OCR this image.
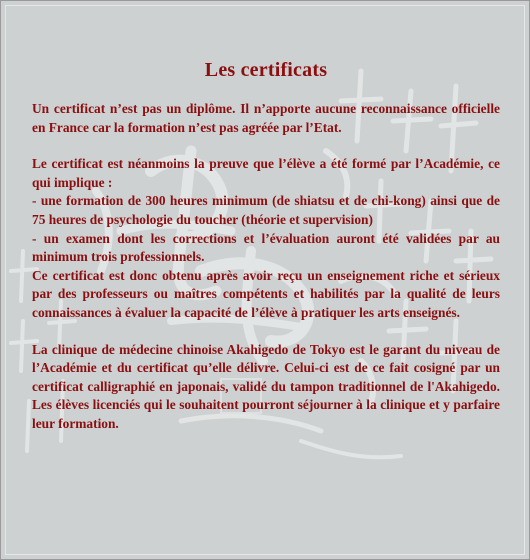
Les certificats

Un certificat n’est pas un diplôme. Il n’apporte aucune reconnaissance officielle en France car la formation n’est pas agréée par l’Etat.

Le certificat est néanmoins la preuve que l’élève a été formé par l’Académie, ce qui implique :

- une formation de 300 heures minimum (de shiatsu et de chi-kong) ainsi que de 75 heures de psychologie du toucher (théorie et supervision)

- un examen dont les corrections et l’évaluation auront été validées par au minimum trois professionnels.

Ce certificat est donc obtenu après avoir reçu un enseignement riche et sérieux par des professeurs ou maîtres compétents et habilités par la qualité de leurs connaissances à évaluer la capacité de l’élève à pratiquer les arts enseignés.

La clinique de médecine chinoise Akahigedo de Tokyo est le garant du niveau de l’Académie et du certificat qu’elle délivre. Celui-ci est de ce fait cosigné par un certificat calligraphié en japonais, validé du tampon traditionnel de l'Akahigedo. Les élèves licenciés qui le souhaitent pourront séjourner à la clinique et y parfaire leur formation.
